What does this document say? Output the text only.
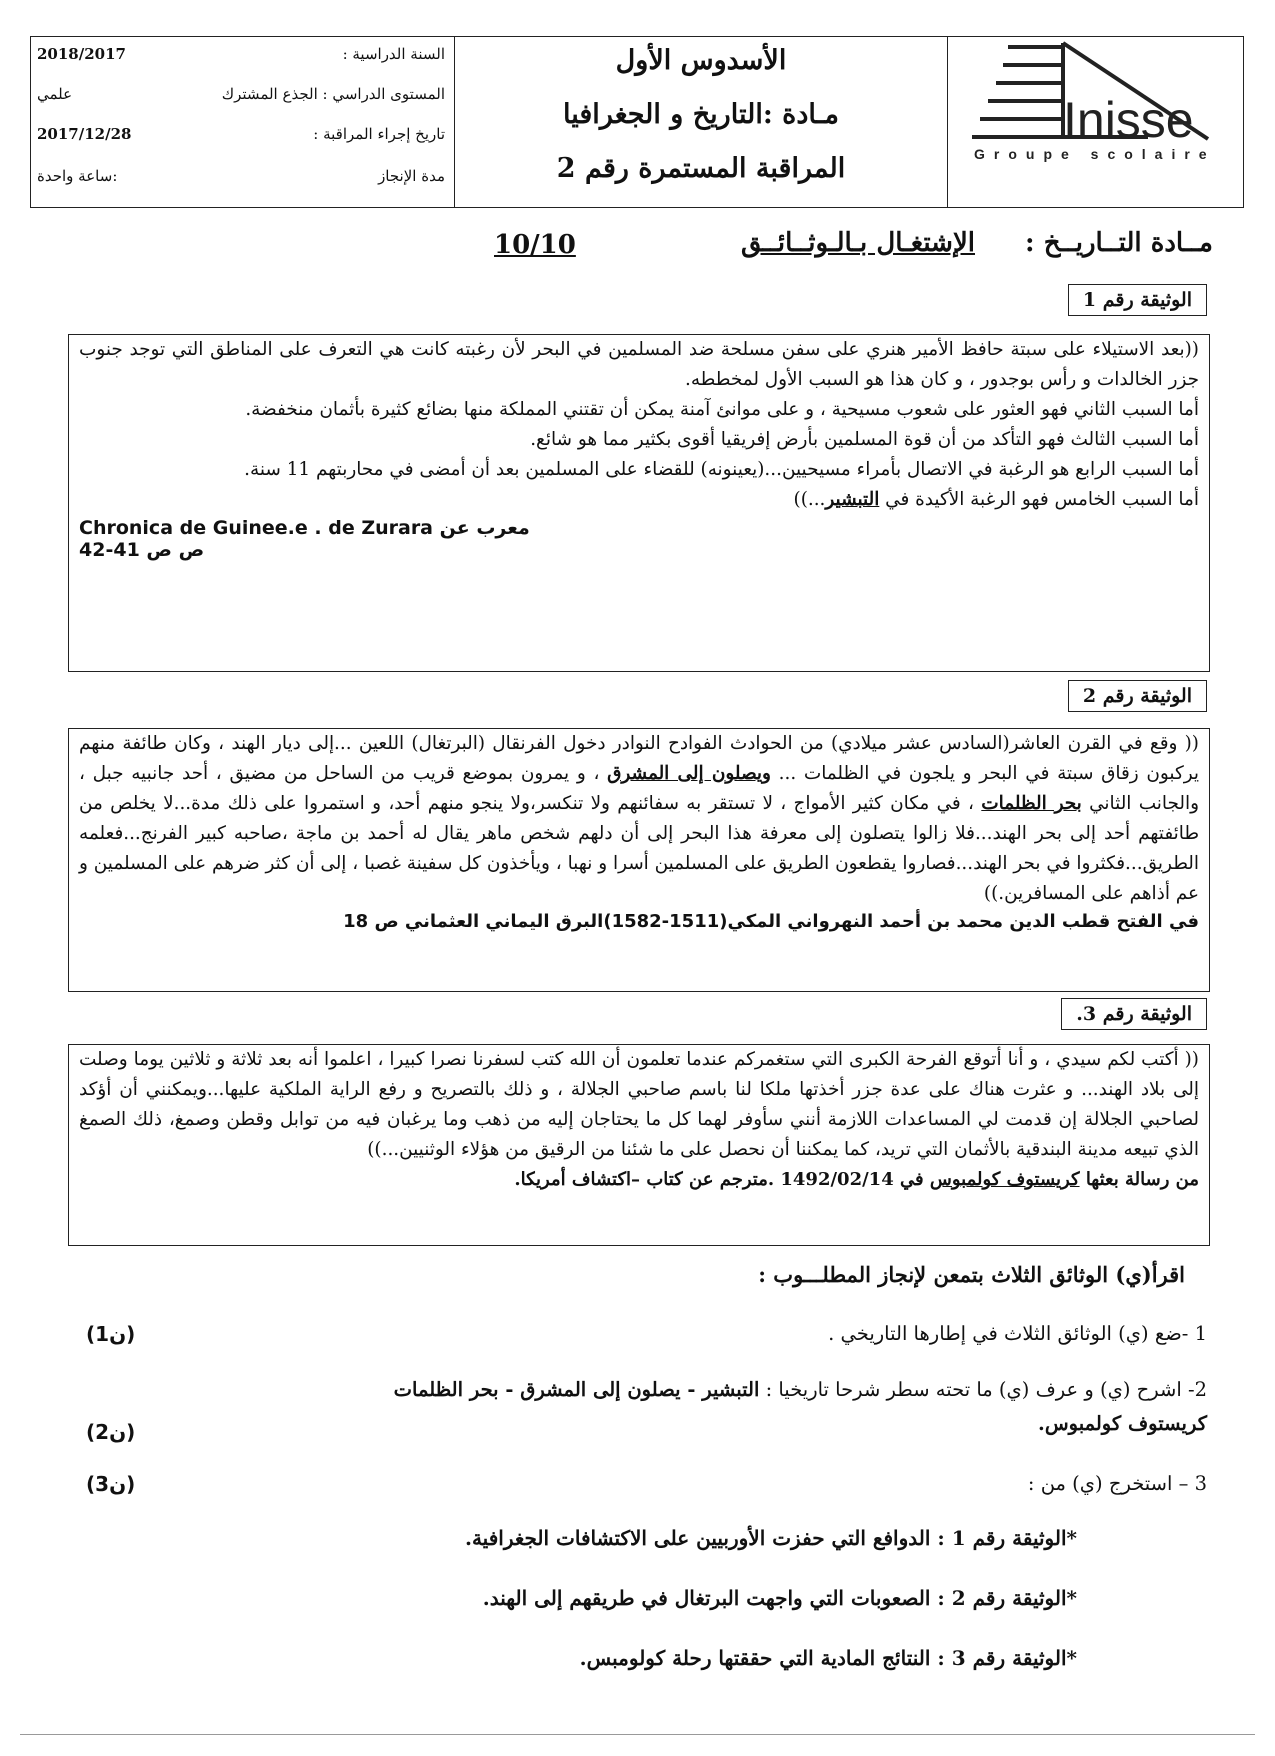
Inisse
Groupe scolaire
الأسدوس الأول
مـادة :التاريخ و الجغرافيا
المراقبة المستمرة رقم 2
السنة الدراسية :
2018/2017
المستوى الدراسي : الجذع المشترك
علمي
تاريخ إجراء المراقبة :
2017/12/28
مدة الإنجاز
:ساعة واحدة
مــادة التــاريــخ :
الإشتغـال بـالـوثــائــق
10/10
الوثيقة رقم 1

((بعد الاستيلاء على سبتة حافظ الأمير هنري على سفن مسلحة ضد المسلمين في البحر لأن رغبته كانت هي التعرف على المناطق التي توجد جنوب جزر الخالدات و رأس بوجدور ، و كان هذا هو السبب الأول لمخططه.

أما السبب الثاني فهو العثور على شعوب مسيحية ، و على موانئ آمنة يمكن أن تقتني المملكة منها بضائع كثيرة بأثمان منخفضة.

أما السبب الثالث فهو التأكد من أن قوة المسلمين بأرض إفريقيا أقوى بكثير مما هو شائع.

أما السبب الرابع هو الرغبة في الاتصال بأمراء مسيحيين...(يعينونه) للقضاء على المسلمين بعد أن أمضى في محاربتهم 11 سنة.

أما السبب الخامس فهو الرغبة الأكيدة في التبشير...))

معرب عن Chronica de Guinee.e . de Zurara
ص ص 41-42
الوثيقة رقم 2

(( وقع في القرن العاشر(السادس عشر ميلادي) من الحوادث الفوادح النوادر دخول الفرنقال (البرتغال) اللعين ...إلى ديار الهند ، وكان طائفة منهم يركبون زقاق سبتة في البحر و يلجون في الظلمات ... ويصلون إلى المشرق ، و يمرون بموضع قريب من الساحل من مضيق ، أحد جانبيه جبل ، والجانب الثاني بحر الظلمات ، في مكان كثير الأمواج ، لا تستقر به سفائنهم ولا تنكسر،ولا ينجو منهم أحد، و استمروا على ذلك مدة...لا يخلص من طائفتهم أحد إلى بحر الهند...فلا زالوا يتصلون إلى معرفة هذا البحر إلى أن دلهم شخص ماهر يقال له أحمد بن ماجة ،صاحبه كبير الفرنج...فعلمه الطريق...فكثروا في بحر الهند...فصاروا يقطعون الطريق على المسلمين أسرا و نهبا ، ويأخذون كل سفينة غصبا ، إلى أن كثر ضرهم على المسلمين و عم أذاهم على المسافرين.))

في الفتح قطب الدين محمد بن أحمد النهرواني المكي(1511-1582)البرق اليماني العثماني ص 18
الوثيقة رقم 3.

(( أكتب لكم سيدي ، و أنا أتوقع الفرحة الكبرى التي ستغمركم عندما تعلمون أن الله كتب لسفرنا نصرا كبيرا ، اعلموا أنه بعد ثلاثة و ثلاثين يوما وصلت إلى بلاد الهند... و عثرت هناك على عدة جزر أخذتها ملكا لنا باسم صاحبي الجلالة ، و ذلك بالتصريح و رفع الراية الملكية عليها...ويمكنني أن أؤكد لصاحبي الجلالة إن قدمت لي المساعدات اللازمة أنني سأوفر لهما كل ما يحتاجان إليه من ذهب وما يرغبان فيه من توابل وقطن وصمغ، ذلك الصمغ الذي تبيعه مدينة البندقية بالأثمان التي تريد، كما يمكننا أن نحصل على ما شئنا من الرقيق من هؤلاء الوثنيين...))

من رسالة بعثها كريستوف كولمبوس في 1492/02/14 .مترجم عن كتاب –اكتشاف أمريكا.

اقرأ(ي) الوثائق الثلاث بتمعن لإنجاز المطلـــوب :
1 -ضع (ي) الوثائق الثلاث في إطارها التاريخي .
(1ن)
2- اشرح (ي) و عرف (ي) ما تحته سطر شرحا تاريخيا : التبشير - يصلون إلى المشرق - بحر الظلمات
كريستوف كولمبوس.
(2ن)
3 – استخرج (ي) من :
(3ن)
*الوثيقة رقم 1 : الدوافع التي حفزت الأوربيين على الاكتشافات الجغرافية.
*الوثيقة رقم 2 : الصعوبات التي واجهت البرتغال في طريقهم إلى الهند.
*الوثيقة رقم 3 : النتائج المادية التي حققتها رحلة كولومبس.
